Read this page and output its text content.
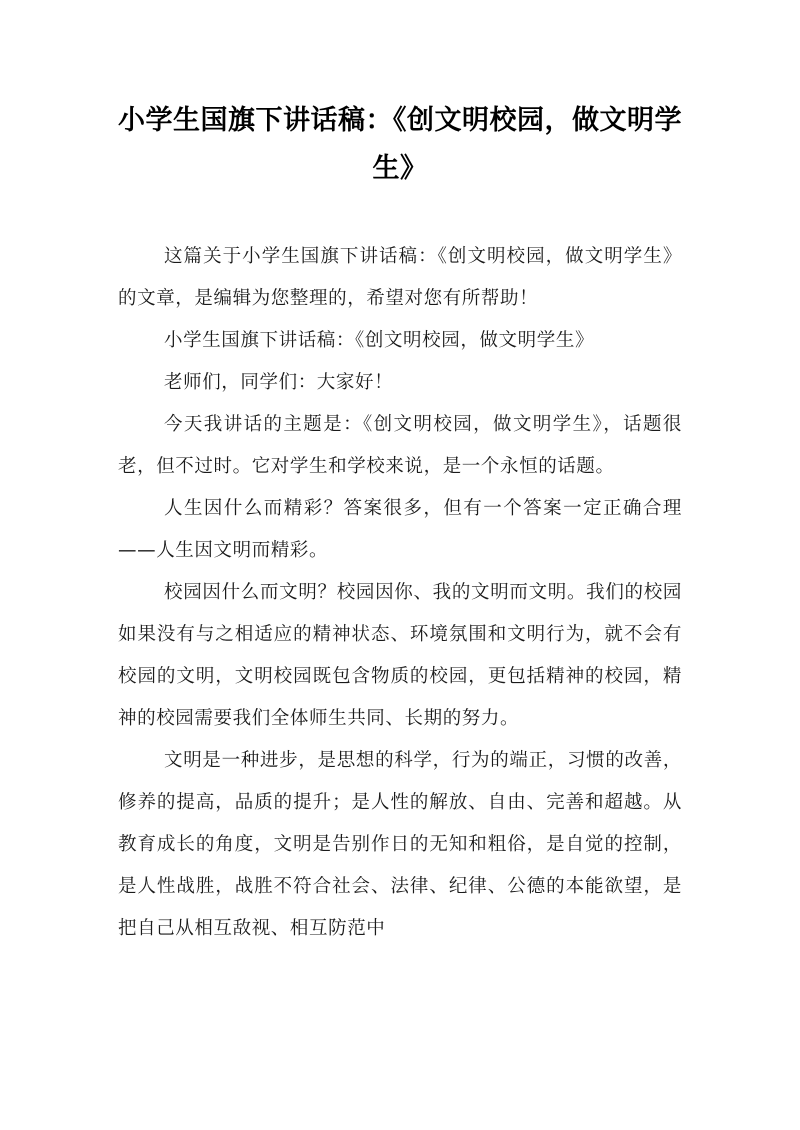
小学生国旗下讲话稿：《创文明校园，做文明学生》

这篇关于小学生国旗下讲话稿：《创文明校园，做文明学生》的文章，是编辑为您整理的，希望对您有所帮助！

小学生国旗下讲话稿：《创文明校园，做文明学生》

老师们，同学们：大家好！

今天我讲话的主题是：《创文明校园，做文明学生》，话题很老，但不过时。它对学生和学校来说，是一个永恒的话题。

人生因什么而精彩？答案很多，但有一个答案一定正确合理——人生因文明而精彩。

校园因什么而文明？校园因你、我的文明而文明。我们的校园如果没有与之相适应的精神状态、环境氛围和文明行为，就不会有校园的文明，文明校园既包含物质的校园，更包括精神的校园，精神的校园需要我们全体师生共同、长期的努力。

文明是一种进步，是思想的科学，行为的端正，习惯的改善，修养的提高，品质的提升；是人性的解放、自由、完善和超越。从教育成长的角度，文明是告别作日的无知和粗俗，是自觉的控制，是人性战胜，战胜不符合社会、法律、纪律、公德的本能欲望，是把自己从相互敌视、相互防范中
